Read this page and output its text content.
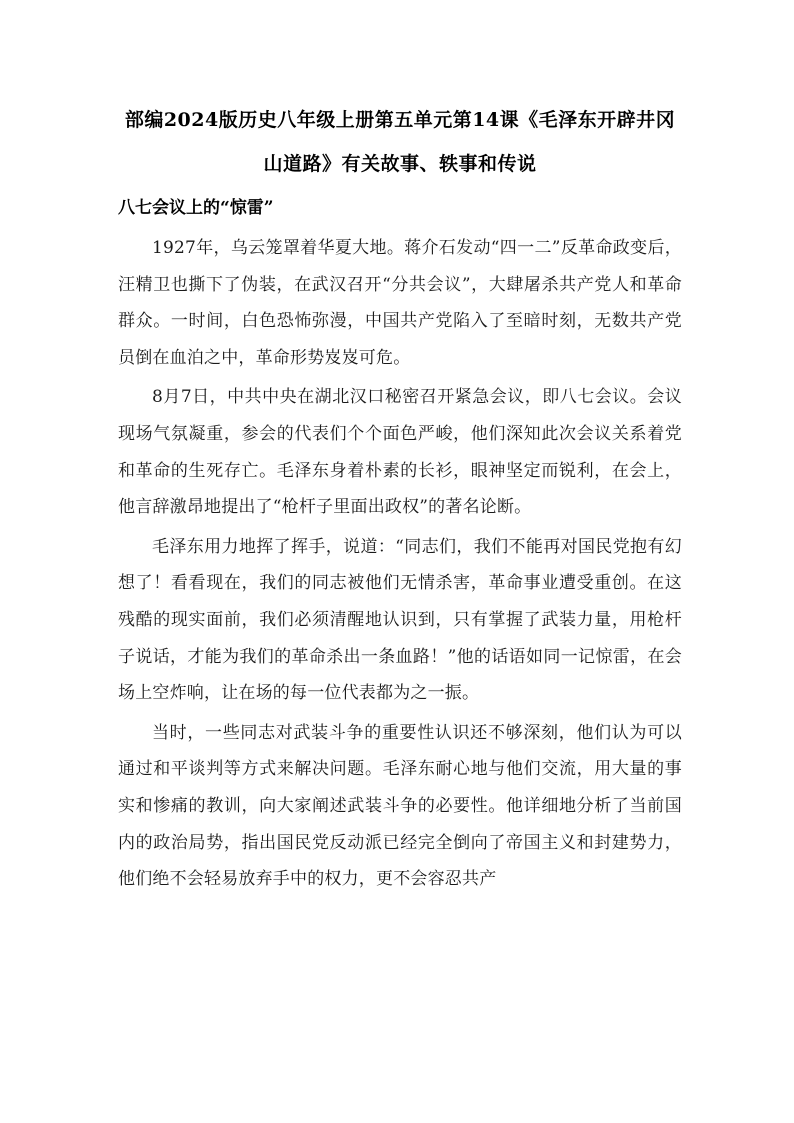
部编2024版历史八年级上册第五单元第14课《毛泽东开辟井冈山道路》有关故事、轶事和传说
八七会议上的“惊雷”

1927年，乌云笼罩着华夏大地。蒋介石发动“四一二”反革命政变后，汪精卫也撕下了伪装，在武汉召开“分共会议”，大肆屠杀共产党人和革命群众。一时间，白色恐怖弥漫，中国共产党陷入了至暗时刻，无数共产党员倒在血泊之中，革命形势岌岌可危。

8月7日，中共中央在湖北汉口秘密召开紧急会议，即八七会议。会议现场气氛凝重，参会的代表们个个面色严峻，他们深知此次会议关系着党和革命的生死存亡。毛泽东身着朴素的长衫，眼神坚定而锐利，在会上，他言辞激昂地提出了“枪杆子里面出政权”的著名论断。

毛泽东用力地挥了挥手，说道：“同志们，我们不能再对国民党抱有幻想了！看看现在，我们的同志被他们无情杀害，革命事业遭受重创。在这残酷的现实面前，我们必须清醒地认识到，只有掌握了武装力量，用枪杆子说话，才能为我们的革命杀出一条血路！”他的话语如同一记惊雷，在会场上空炸响，让在场的每一位代表都为之一振。

当时，一些同志对武装斗争的重要性认识还不够深刻，他们认为可以通过和平谈判等方式来解决问题。毛泽东耐心地与他们交流，用大量的事实和惨痛的教训，向大家阐述武装斗争的必要性。他详细地分析了当前国内的政治局势，指出国民党反动派已经完全倒向了帝国主义和封建势力，他们绝不会轻易放弃手中的权力，更不会容忍共产
